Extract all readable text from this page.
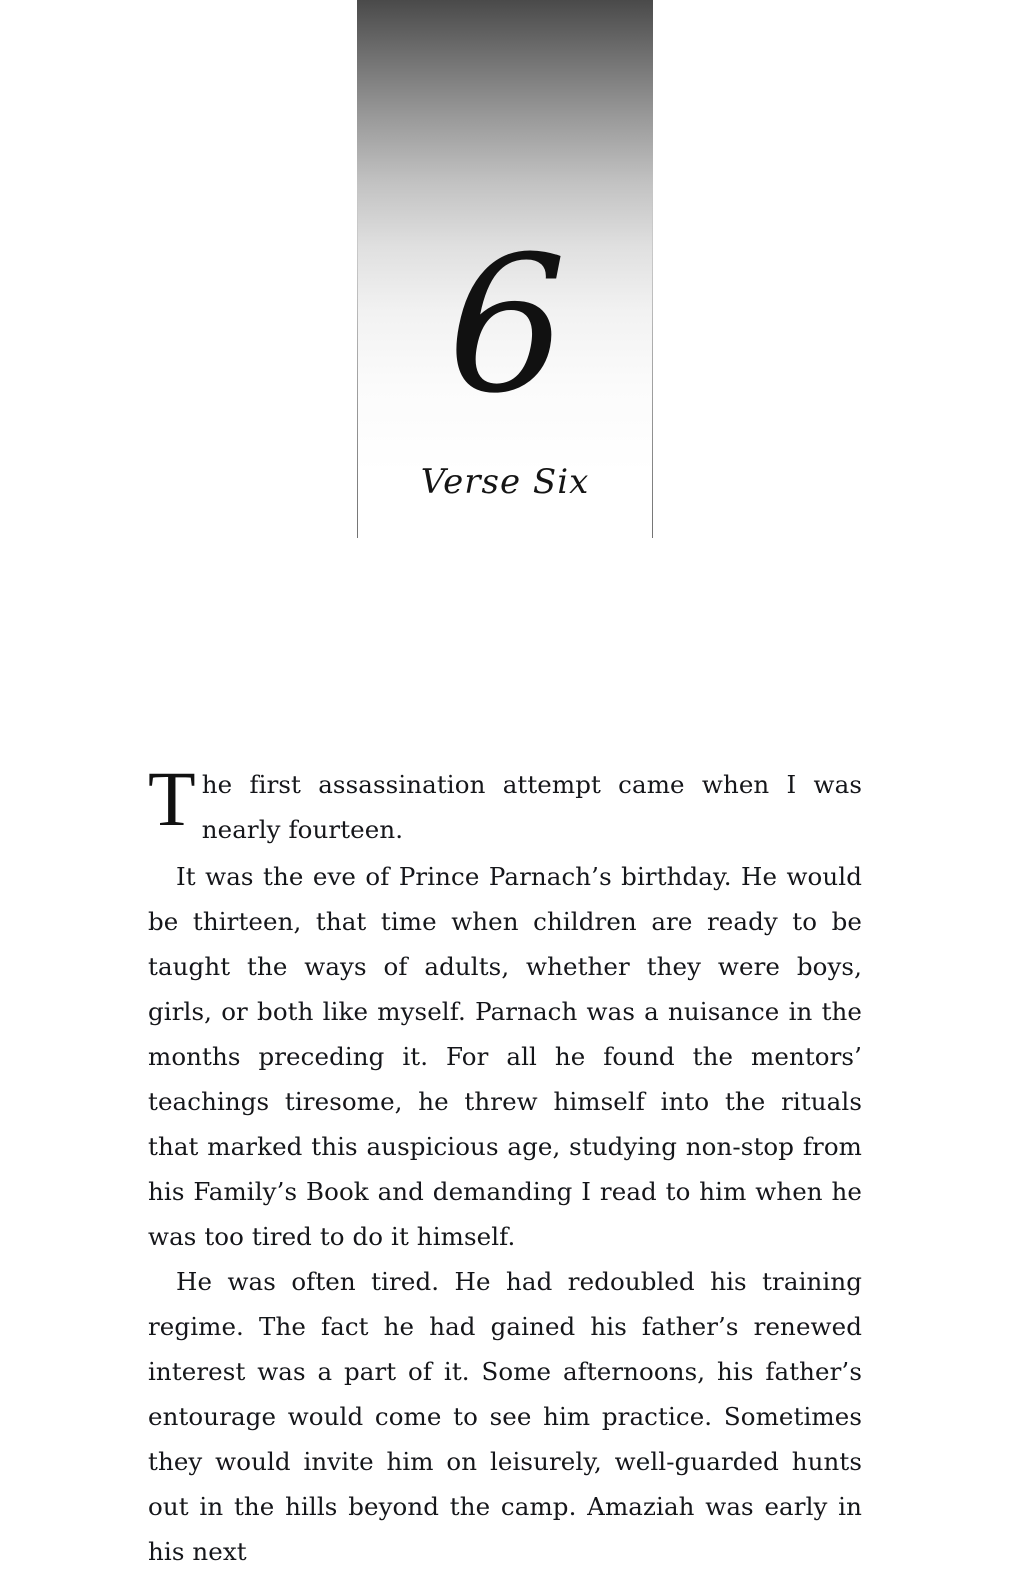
6
Verse Six

T he first assassination attempt came when I was nearly fourteen.

It was the eve of Prince Parnach’s birthday. He would be thirteen, that time when children are ready to be taught the ways of adults, whether they were boys, girls, or both like myself. Parnach was a nuisance in the months preceding it. For all he found the mentors’ teachings tiresome, he threw himself into the rituals that marked this auspicious age, studying non-stop from his Family’s Book and demanding I read to him when he was too tired to do it himself.

He was often tired. He had redoubled his training regime. The fact he had gained his father’s renewed interest was a part of it. Some afternoons, his father’s entourage would come to see him practice. Sometimes they would invite him on leisurely, well-guarded hunts out in the hills beyond the camp. Amaziah was early in his next
